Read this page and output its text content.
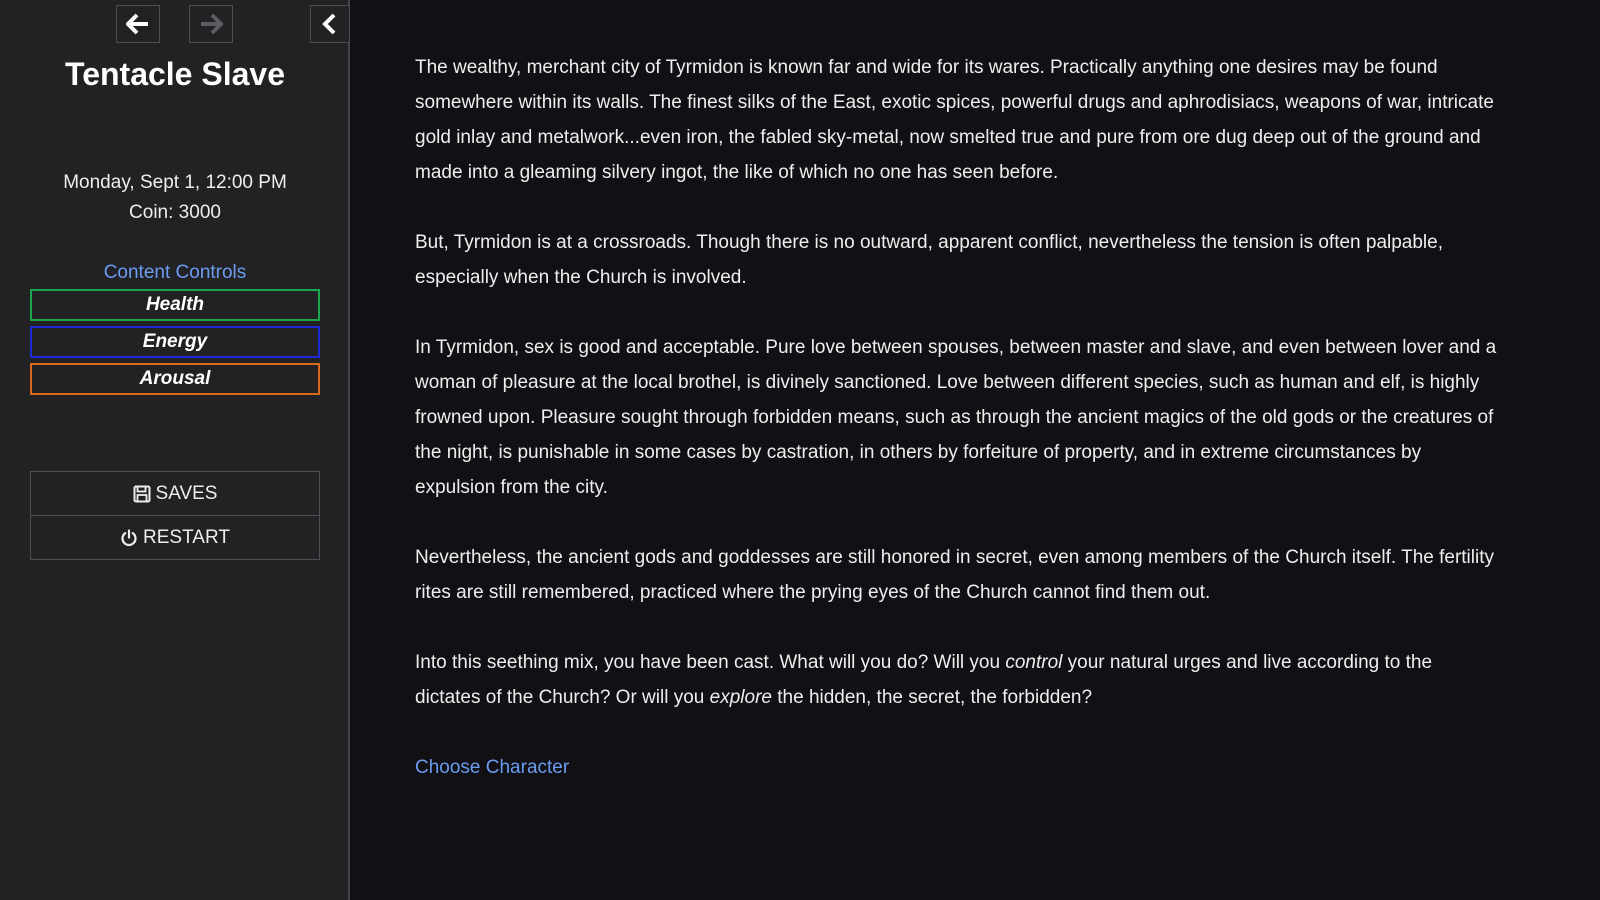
Tentacle Slave
Monday, Sept 1, 12:00 PM
Coin: 3000
Content Controls
Health
Energy
Arousal
SAVES
RESTART

The wealthy, merchant city of Tyrmidon is known far and wide for its wares. Practically anything one desires may be found somewhere within its walls. The finest silks of the East, exotic spices, powerful drugs and aphrodisiacs, weapons of war, intricate gold inlay and metalwork...even iron, the fabled sky-metal, now smelted true and pure from ore dug deep out of the ground and made into a gleaming silvery ingot, the like of which no one has seen before.

But, Tyrmidon is at a crossroads. Though there is no outward, apparent conflict, nevertheless the tension is often palpable, especially when the Church is involved.

In Tyrmidon, sex is good and acceptable. Pure love between spouses, between master and slave, and even between lover and a woman of pleasure at the local brothel, is divinely sanctioned. Love between different species, such as human and elf, is highly frowned upon. Pleasure sought through forbidden means, such as through the ancient magics of the old gods or the creatures of the night, is punishable in some cases by castration, in others by forfeiture of property, and in extreme circumstances by expulsion from the city.

Nevertheless, the ancient gods and goddesses are still honored in secret, even among members of the Church itself. The fertility rites are still remembered, practiced where the prying eyes of the Church cannot find them out.

Into this seething mix, you have been cast. What will you do? Will you control your natural urges and live according to the dictates of the Church? Or will you explore the hidden, the secret, the forbidden?

Choose Character
